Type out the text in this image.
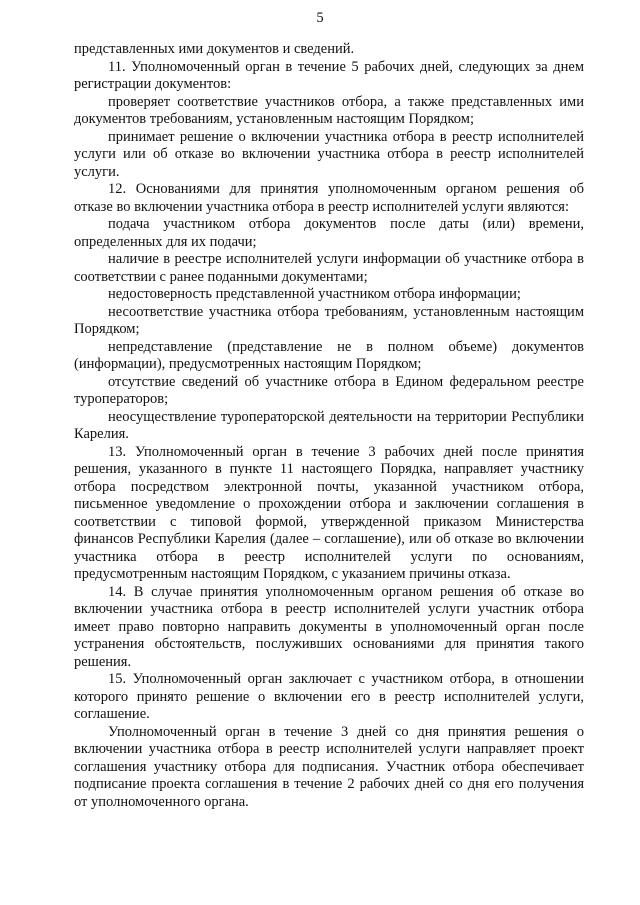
5

представленных ими документов и сведений.

11. Уполномоченный орган в течение 5 рабочих дней, следующих за днем регистрации документов:

проверяет соответствие участников отбора, а также представленных ими документов требованиям, установленным настоящим Порядком;

принимает решение о включении участника отбора в реестр исполнителей услуги или об отказе во включении участника отбора в реестр исполнителей услуги.

12. Основаниями для принятия уполномоченным органом решения об отказе во включении участника отбора в реестр исполнителей услуги являются:

подача участником отбора документов после даты (или) времени, определенных для их подачи;

наличие в реестре исполнителей услуги информации об участнике отбора в соответствии с ранее поданными документами;

недостоверность представленной участником отбора информации;

несоответствие участника отбора требованиям, установленным настоящим Порядком;

непредставление (представление не в полном объеме) документов (информации), предусмотренных настоящим Порядком;

отсутствие сведений об участнике отбора в Едином федеральном реестре туроператоров;

неосуществление туроператорской деятельности на территории Республики Карелия.

13. Уполномоченный орган в течение 3 рабочих дней после принятия решения, указанного в пункте 11 настоящего Порядка, направляет участнику отбора посредством электронной почты, указанной участником отбора, письменное уведомление о прохождении отбора и заключении соглашения в соответствии с типовой формой, утвержденной приказом Министерства финансов Республики Карелия (далее – соглашение), или об отказе во включении участника отбора в реестр исполнителей услуги по основаниям, предусмотренным настоящим Порядком, с указанием причины отказа.

14. В случае принятия уполномоченным органом решения об отказе во включении участника отбора в реестр исполнителей услуги участник отбора имеет право повторно направить документы в уполномоченный орган после устранения обстоятельств, послуживших основаниями для принятия такого решения.

15. Уполномоченный орган заключает с участником отбора, в отношении которого принято решение о включении его в реестр исполнителей услуги, соглашение.

Уполномоченный орган в течение 3 дней со дня принятия решения о включении участника отбора в реестр исполнителей услуги направляет проект соглашения участнику отбора для подписания. Участник отбора обеспечивает подписание проекта соглашения в течение 2 рабочих дней со дня его получения от уполномоченного органа.
